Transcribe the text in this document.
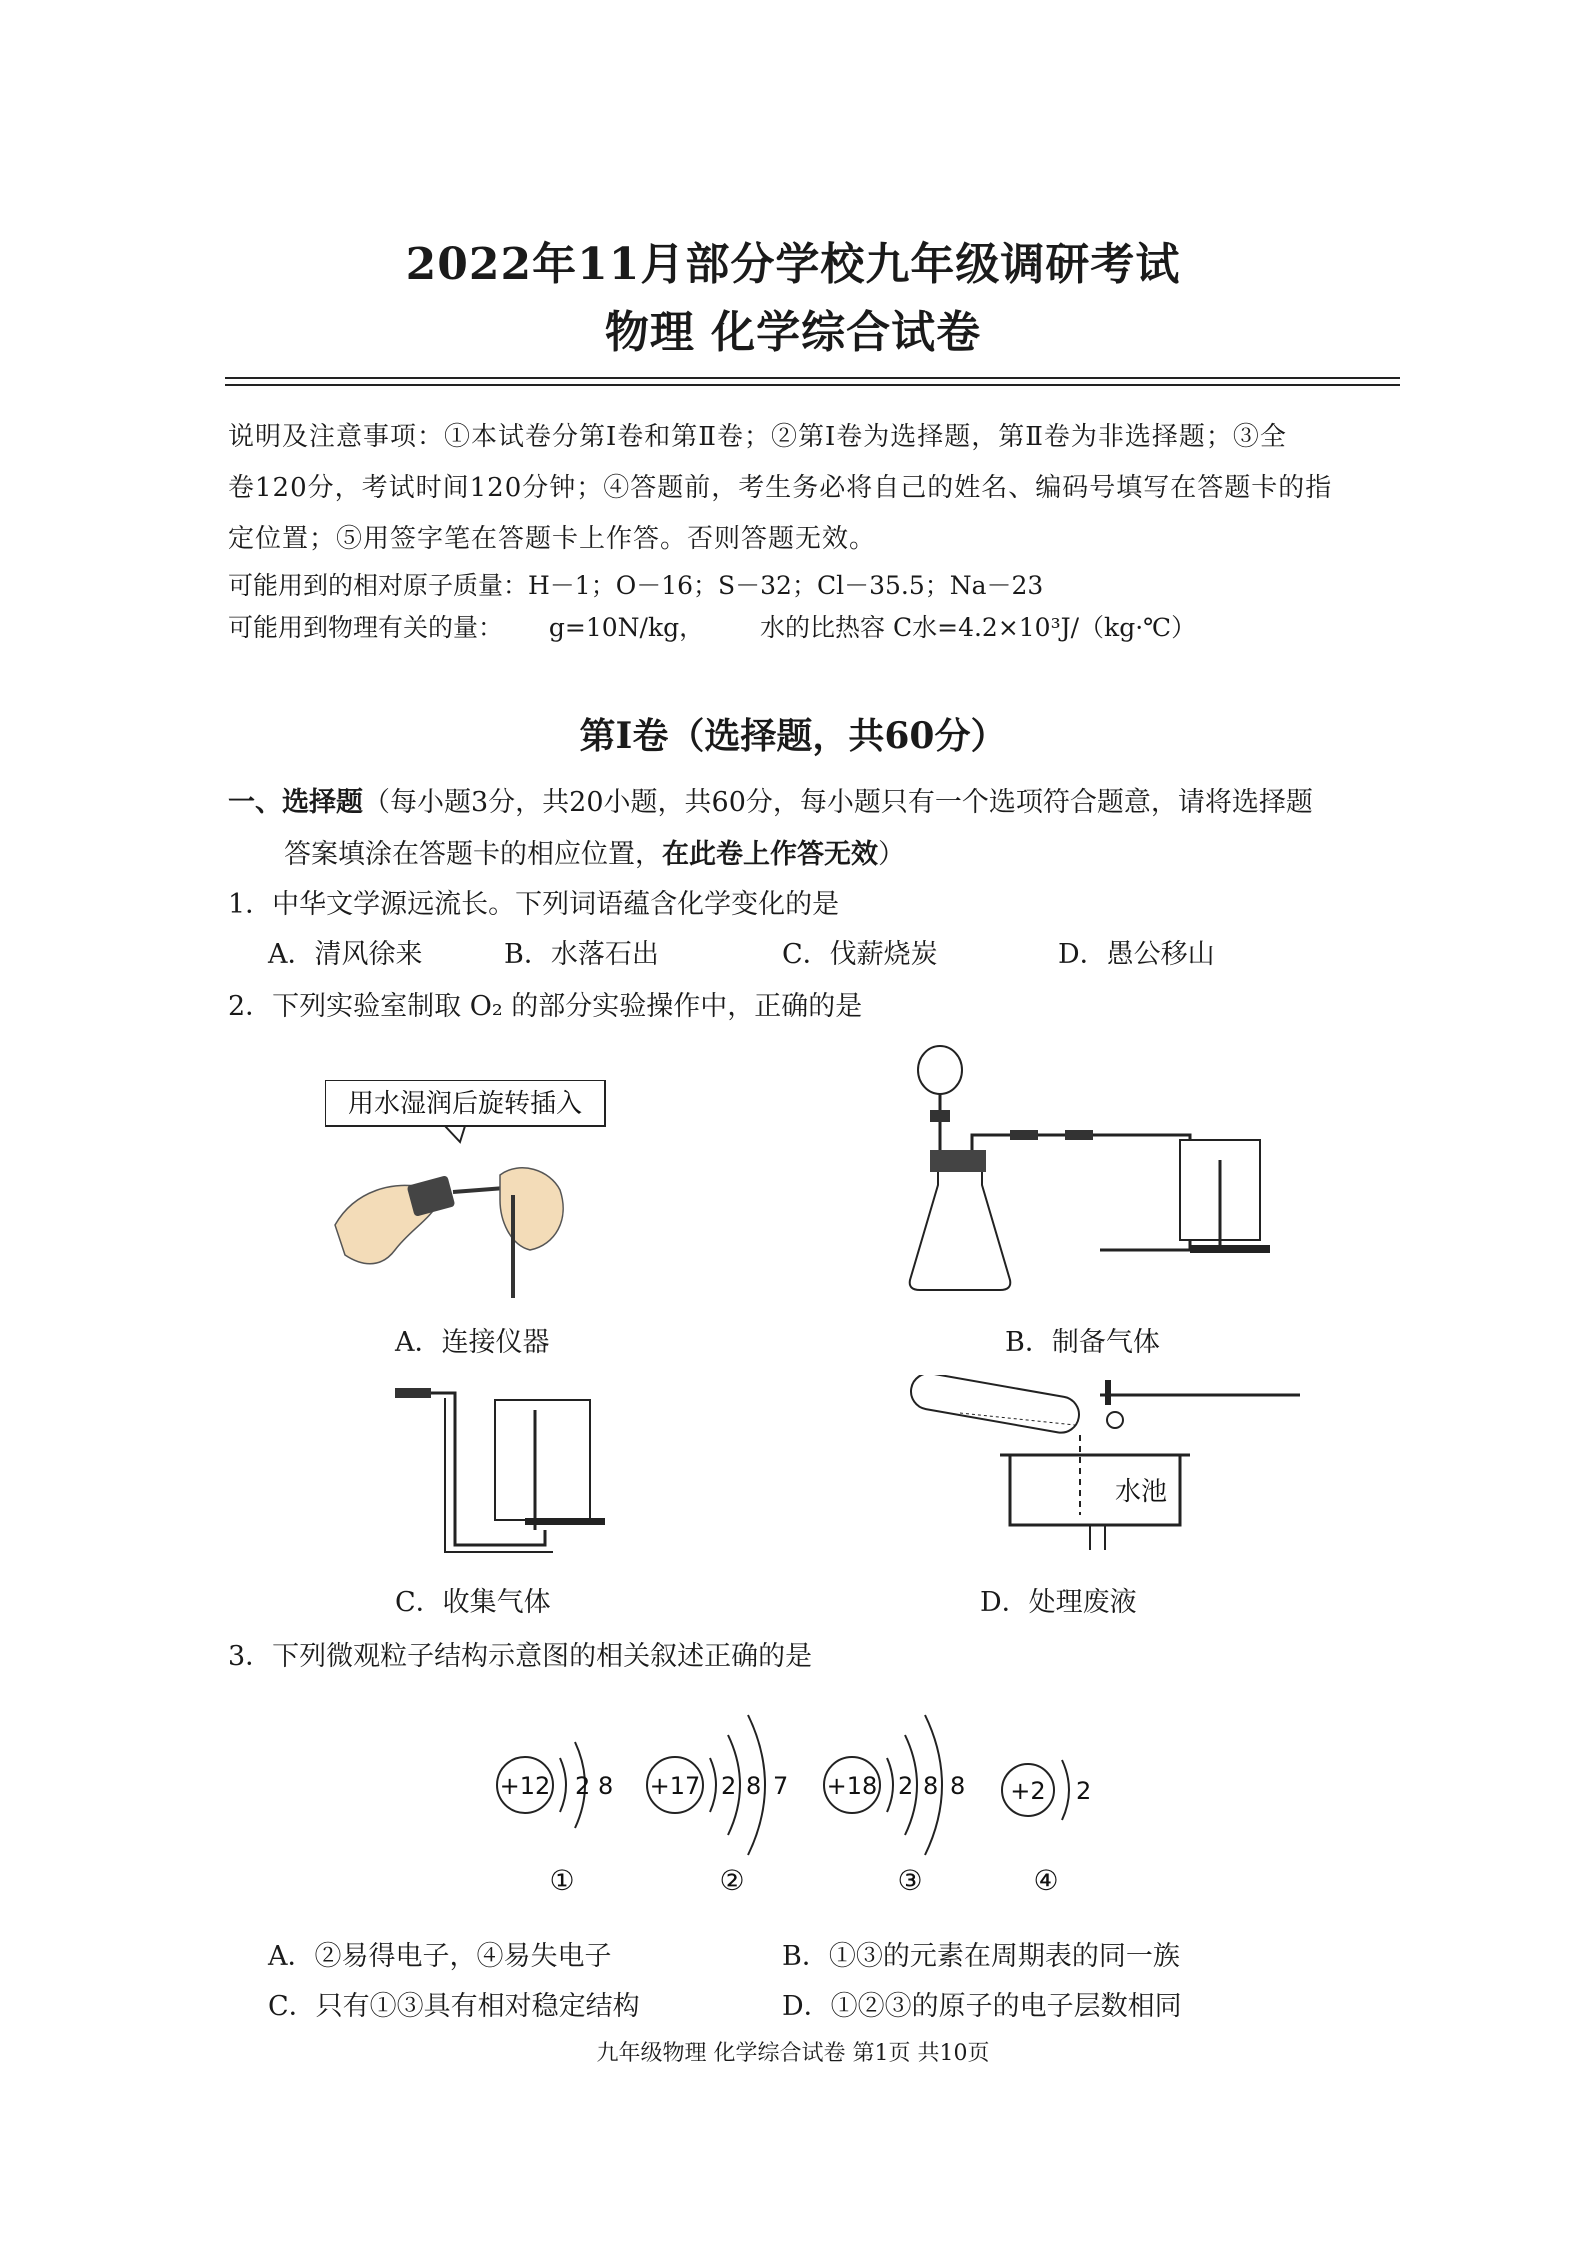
2022年11月部分学校九年级调研考试
物理 化学综合试卷

说明及注意事项：①本试卷分第Ⅰ卷和第Ⅱ卷；②第Ⅰ卷为选择题，第Ⅱ卷为非选择题；③全

卷120分，考试时间120分钟；④答题前，考生务必将自己的姓名、编码号填写在答题卡的指

定位置；⑤用签字笔在答题卡上作答。否则答题无效。

可能用到的相对原子质量：H－1；O－16；S－32；Cl－35.5；Na－23
可能用到物理有关的量： g=10N/kg， 水的比热容 C水=4.2×10³J/（kg·℃）
第Ⅰ卷（选择题，共60分）
一、选择题（每小题3分，共20小题，共60分，每小题只有一个选项符合题意，请将选择题
答案填涂在答题卡的相应位置，在此卷上作答无效）
1．中华文学源远流长。下列词语蕴含化学变化的是
A．清风徐来	B．水落石出	C．伐薪烧炭	D．愚公移山
2．下列实验室制取 O₂ 的部分实验操作中，正确的是
用水湿润后旋转插入
A．连接仪器	B．制备气体
C．收集气体
水池
D．处理废液
3．下列微观粒子结构示意图的相关叙述正确的是
+12 2 8
①
+17 2 8 7
②
+18 2 8 8
③
+2 2
④
A．②易得电子，④易失电子	B．①③的元素在周期表的同一族
C．只有①③具有相对稳定结构	D．①②③的原子的电子层数相同
九年级物理 化学综合试卷 第1页 共10页
